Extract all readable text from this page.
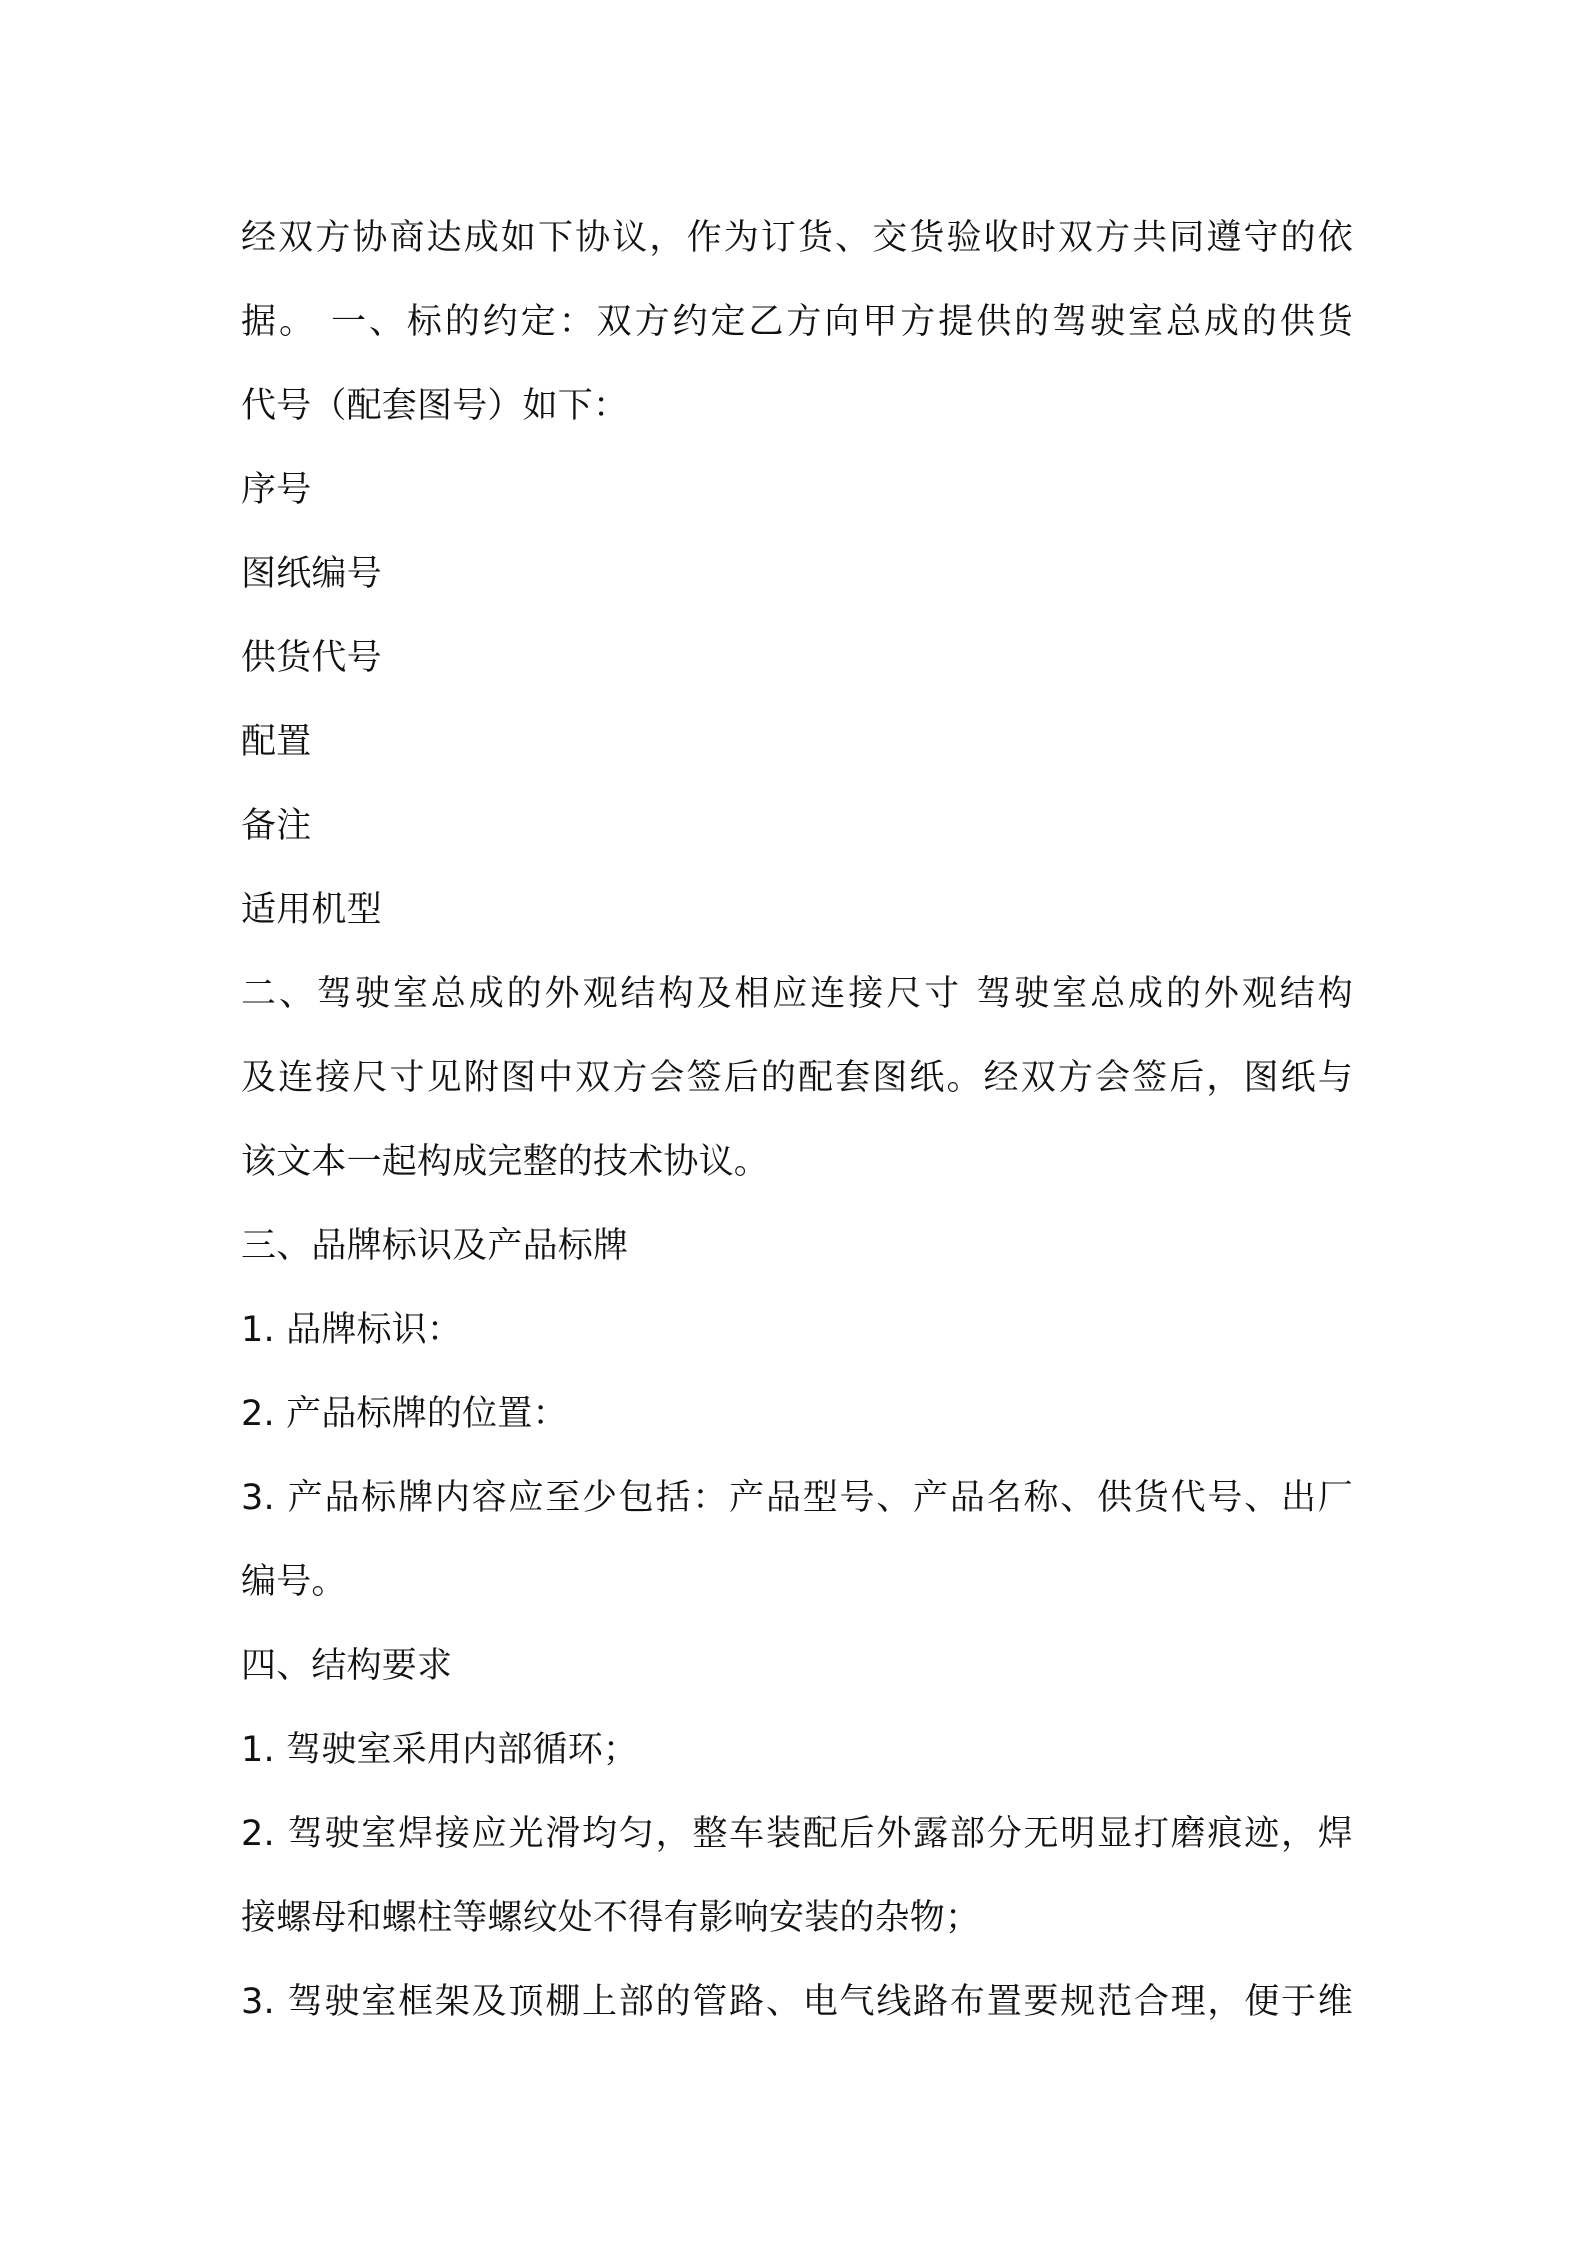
经双方协商达成如下协议，作为订货、交货验收时双方共同遵守的依
据。 一、标的约定：双方约定乙方向甲方提供的驾驶室总成的供货
代号（配套图号）如下：
序号
图纸编号
供货代号
配置
备注
适用机型
二、驾驶室总成的外观结构及相应连接尺寸 驾驶室总成的外观结构
及连接尺寸见附图中双方会签后的配套图纸。经双方会签后，图纸与
该文本一起构成完整的技术协议。
三、品牌标识及产品标牌
1. 品牌标识：
2. 产品标牌的位置：
3. 产品标牌内容应至少包括：产品型号、产品名称、供货代号、出厂
编号。
四、结构要求
1. 驾驶室采用内部循环；
2. 驾驶室焊接应光滑均匀，整车装配后外露部分无明显打磨痕迹，焊
接螺母和螺柱等螺纹处不得有影响安装的杂物；
3. 驾驶室框架及顶棚上部的管路、电气线路布置要规范合理，便于维
